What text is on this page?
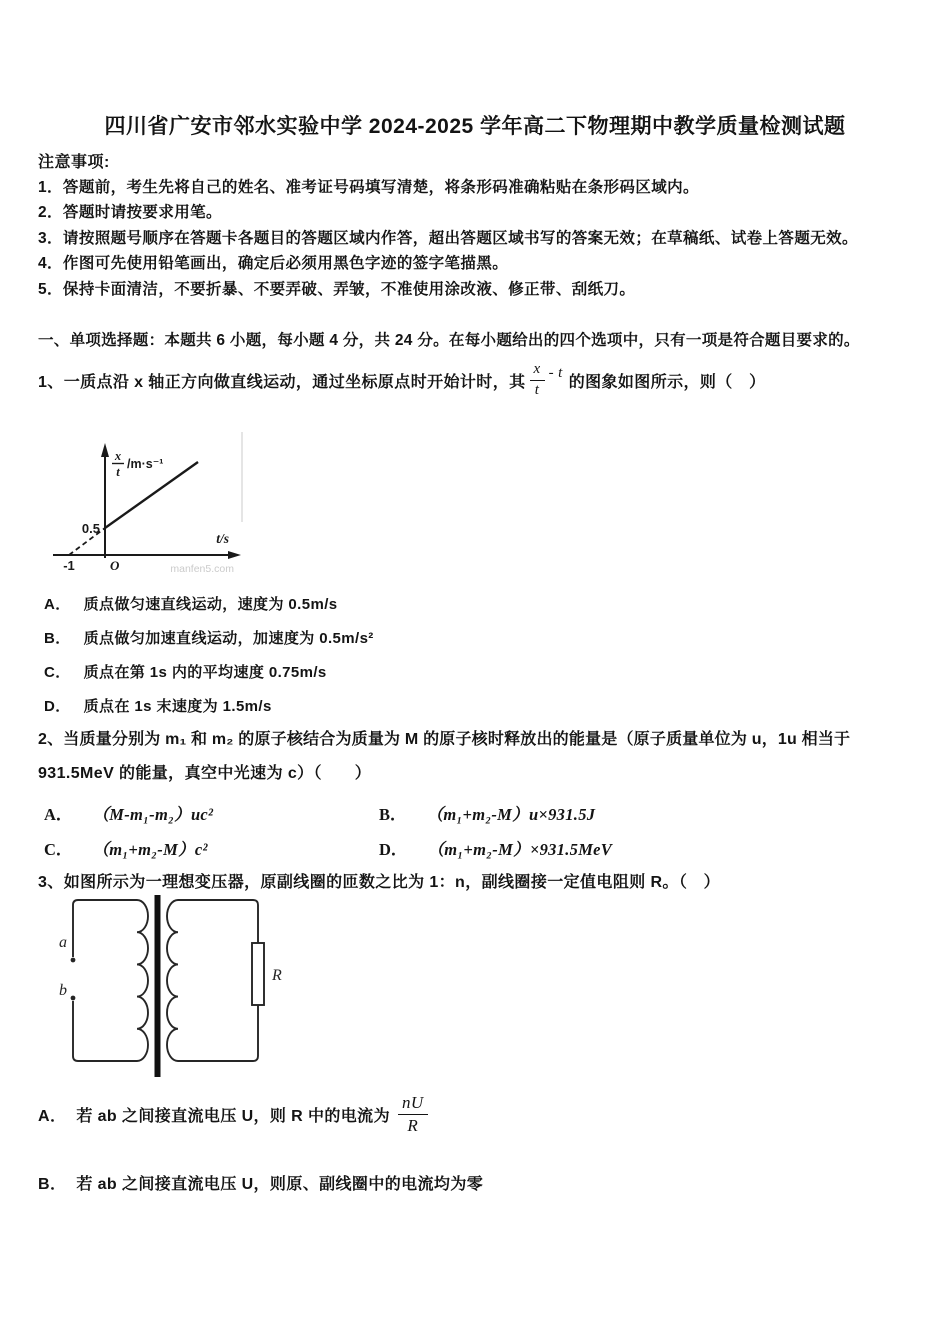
四川省广安市邻水实验中学 2024-2025 学年高二下物理期中教学质量检测试题
注意事项:
1．答题前，考生先将自己的姓名、准考证号码填写清楚，将条形码准确粘贴在条形码区域内。
2．答题时请按要求用笔。
3．请按照题号顺序在答题卡各题目的答题区域内作答，超出答题区域书写的答案无效；在草稿纸、试卷上答题无效。
4．作图可先使用铅笔画出，确定后必须用黑色字迹的签字笔描黑。
5．保持卡面清洁，不要折暴、不要弄破、弄皱，不准使用涂改液、修正带、刮纸刀。
一、单项选择题：本题共 6 小题，每小题 4 分，共 24 分。在每小题给出的四个选项中，只有一项是符合题目要求的。
1、一质点沿 x 轴正方向做直线运动，通过坐标原点时开始计时，其 $\frac{x}{t}$ - t
的图象如图所示，则（　）
0.5
-1	O
t/s
x
t
/m·s⁻¹
manfen5.com
A． 质点做匀速直线运动，速度为 0.5m/s
B． 质点做匀加速直线运动，加速度为 0.5m/s²
C． 质点在第 1s 内的平均速度 0.75m/s
D． 质点在 1s 末速度为 1.5m/s
2、当质量分别为 m₁ 和 m₂ 的原子核结合为质量为 M 的原子核时释放出的能量是（原子质量单位为 u，1u 相当于
931.5MeV 的能量，真空中光速为 c）（　　）
A． （M-m₁-m₂）uc²	B． （m₁+m₂-M）u×931.5J
C． （m₁+m₂-M）c²	D． （m₁+m₂-M）×931.5MeV
3、如图所示为一理想变压器，原副线圈的匝数之比为 1：n，副线圈接一定值电阻则 R。（　）
a
b
R
A． 若 ab 之间接直流电压 U，则 R 中的电流为 $\frac{nU}{R}$
B． 若 ab 之间接直流电压 U，则原、副线圈中的电流均为零
